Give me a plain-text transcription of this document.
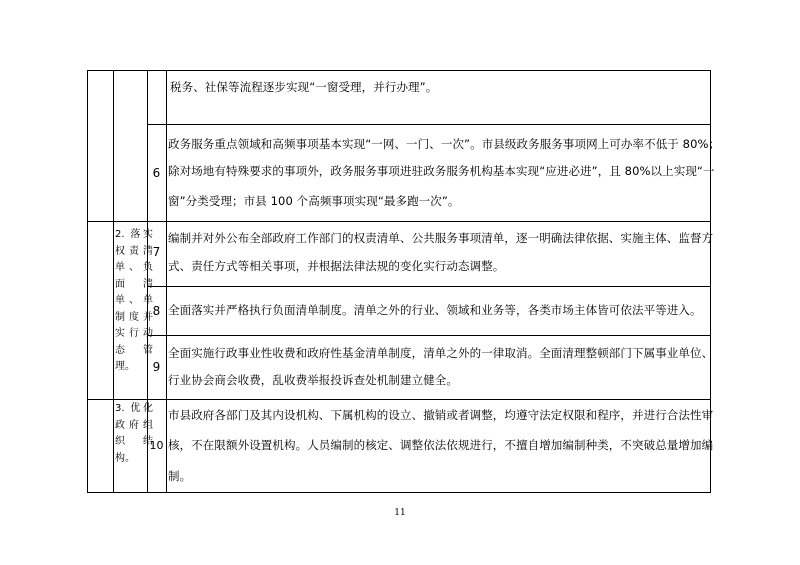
2. 落实权责清单、负面清单、单制度并实行动态管理。
3. 优化政府组织结构。
6
7
8
9
10
税务、社保等流程逐步实现“一窗受理，并行办理”。
政务服务重点领域和高频事项基本实现“一网、一门、一次”。市县级政务服务事项网上可办率不低于 80%；
除对场地有特殊要求的事项外，政务服务事项进驻政务服务机构基本实现“应进必进”，且 80%以上实现“一
窗”分类受理；市县 100 个高频事项实现“最多跑一次”。
编制并对外公布全部政府工作部门的权责清单、公共服务事项清单，逐一明确法律依据、实施主体、监督方
式、责任方式等相关事项，并根据法律法规的变化实行动态调整。
全面落实并严格执行负面清单制度。清单之外的行业、领域和业务等，各类市场主体皆可依法平等进入。
全面实施行政事业性收费和政府性基金清单制度，清单之外的一律取消。全面清理整顿部门下属事业单位、
行业协会商会收费，乱收费举报投诉查处机制建立健全。
市县政府各部门及其内设机构、下属机构的设立、撤销或者调整，均遵守法定权限和程序，并进行合法性审
核，不在限额外设置机构。人员编制的核定、调整依法依规进行，不擅自增加编制种类，不突破总量增加编
制。
11
